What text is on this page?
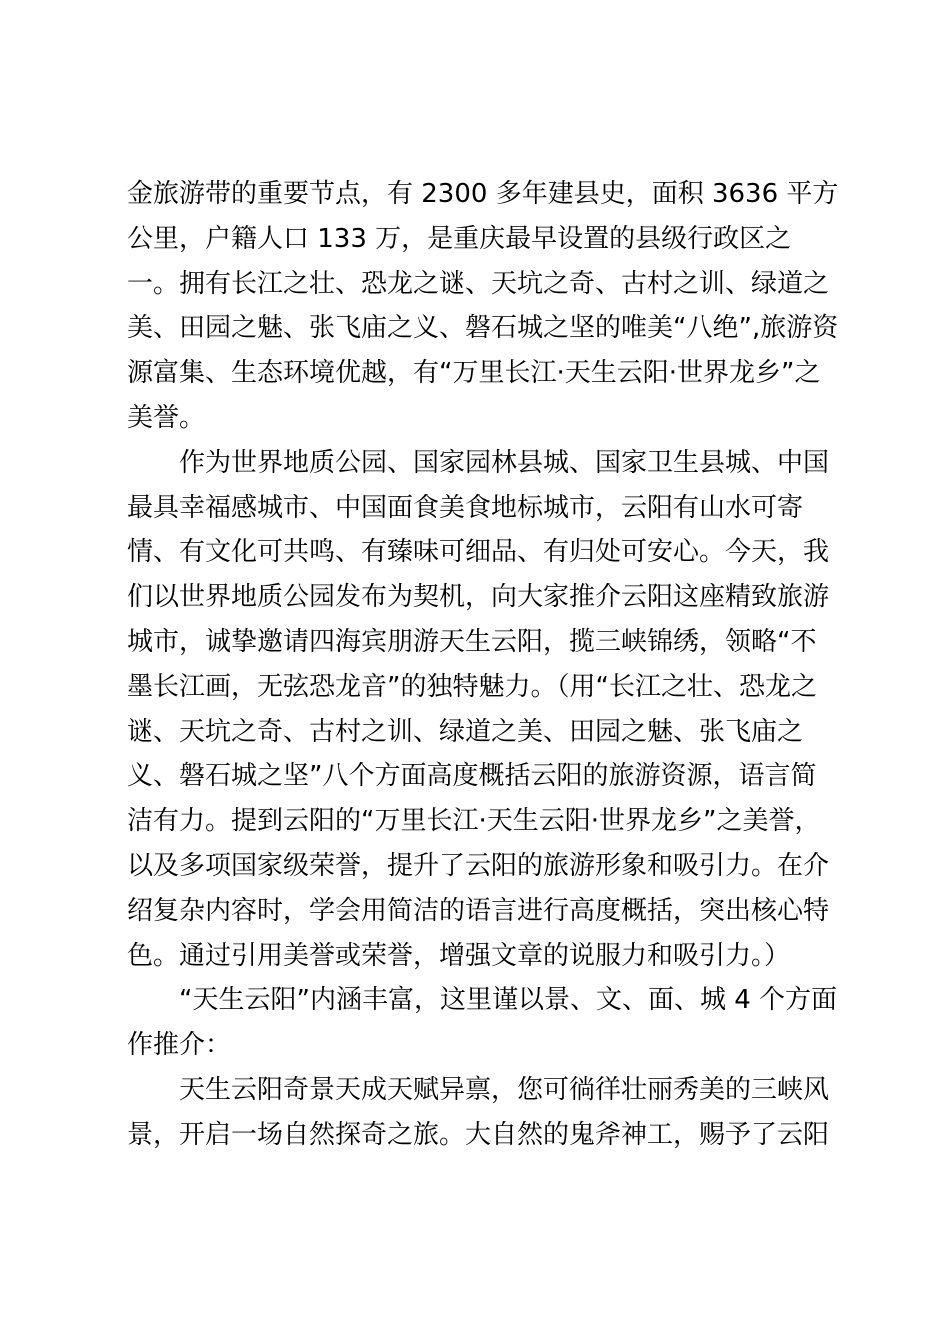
金旅游带的重要节点，有 2300 多年建县史，面积 3636 平方公里，户籍人口 133 万，是重庆最早设置的县级行政区之一。拥有长江之壮、恐龙之谜、天坑之奇、古村之训、绿道之美、田园之魅、张飞庙之义、磐石城之坚的唯美“八绝”,旅游资源富集、生态环境优越，有“万里长江·天生云阳·世界龙乡”之美誉。

作为世界地质公园、国家园林县城、国家卫生县城、中国最具幸福感城市、中国面食美食地标城市，云阳有山水可寄情、有文化可共鸣、有臻味可细品、有归处可安心。今天，我们以世界地质公园发布为契机，向大家推介云阳这座精致旅游城市，诚挚邀请四海宾朋游天生云阳，揽三峡锦绣，领略“不墨长江画，无弦恐龙音”的独特魅力。（用“长江之壮、恐龙之谜、天坑之奇、古村之训、绿道之美、田园之魅、张飞庙之义、磐石城之坚”八个方面高度概括云阳的旅游资源，语言简洁有力。提到云阳的“万里长江·天生云阳·世界龙乡”之美誉，以及多项国家级荣誉，提升了云阳的旅游形象和吸引力。在介绍复杂内容时，学会用简洁的语言进行高度概括，突出核心特色。通过引用美誉或荣誉，增强文章的说服力和吸引力。）

“天生云阳”内涵丰富，这里谨以景、文、面、城 4 个方面作推介：

天生云阳奇景天成天赋异禀，您可徜徉壮丽秀美的三峡风景，开启一场自然探奇之旅。大自然的鬼斧神工，赐予了云阳
